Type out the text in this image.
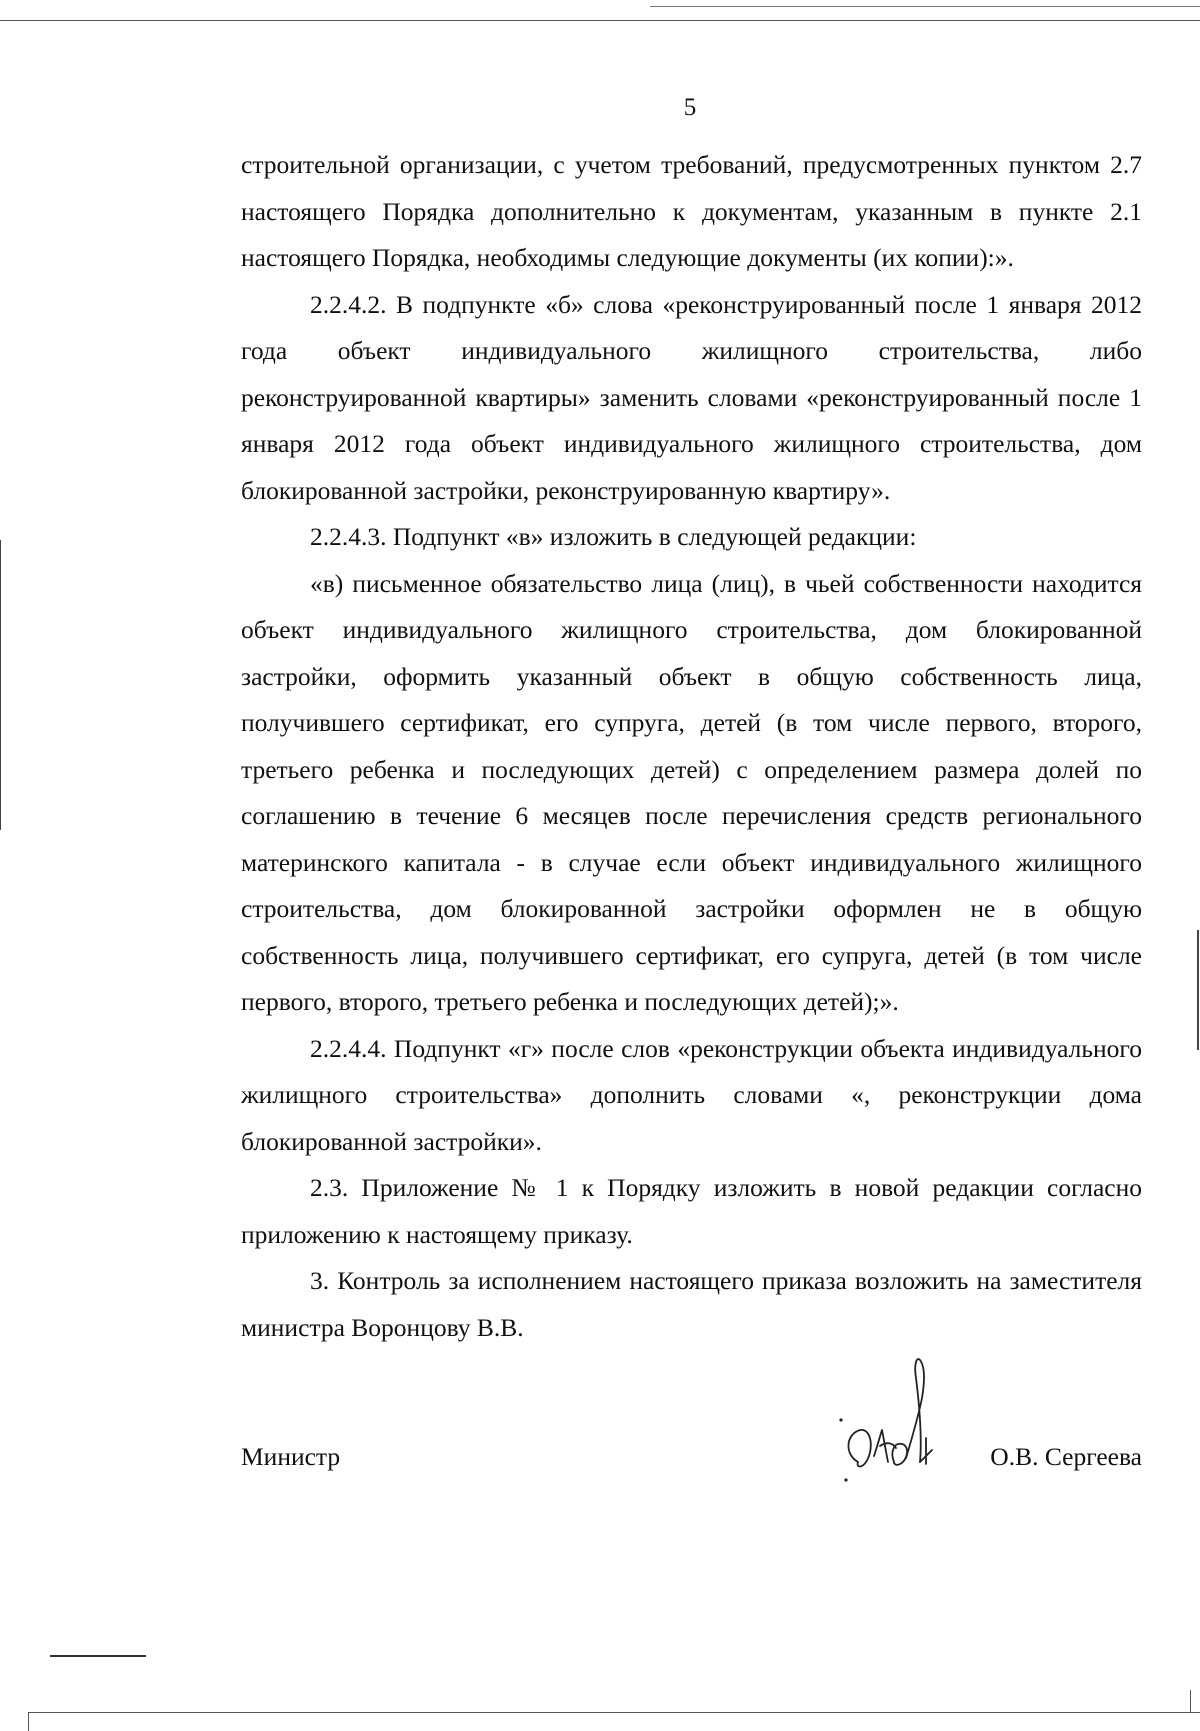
5

строительной организации, с учетом требований, предусмотренных пунктом 2.7 настоящего Порядка дополнительно к документам, указанным в пункте 2.1 настоящего Порядка, необходимы следующие документы (их копии):».

2.2.4.2. В подпункте «б» слова «реконструированный после 1 января 2012 года объект индивидуального жилищного строительства, либо реконструированной квартиры» заменить словами «реконструированный после 1 января 2012 года объект индивидуального жилищного строительства, дом блокированной застройки, реконструированную квартиру».

2.2.4.3. Подпункт «в» изложить в следующей редакции:

«в) письменное обязательство лица (лиц), в чьей собственности находится объект индивидуального жилищного строительства, дом блокированной застройки, оформить указанный объект в общую собственность лица, получившего сертификат, его супруга, детей (в том числе первого, второго, третьего ребенка и последующих детей) с определением размера долей по соглашению в течение 6 месяцев после перечисления средств регионального материнского капитала - в случае если объект индивидуального жилищного строительства, дом блокированной застройки оформлен не в общую собственность лица, получившего сертификат, его супруга, детей (в том числе первого, второго, третьего ребенка и последующих детей);».

2.2.4.4. Подпункт «г» после слов «реконструкции объекта индивидуального жилищного строительства» дополнить словами «, реконструкции дома блокированной застройки».

2.3. Приложение № 1 к Порядку изложить в новой редакции согласно приложению к настоящему приказу.

3. Контроль за исполнением настоящего приказа возложить на заместителя министра Воронцову В.В.

Министр	О.В. Сергеева
